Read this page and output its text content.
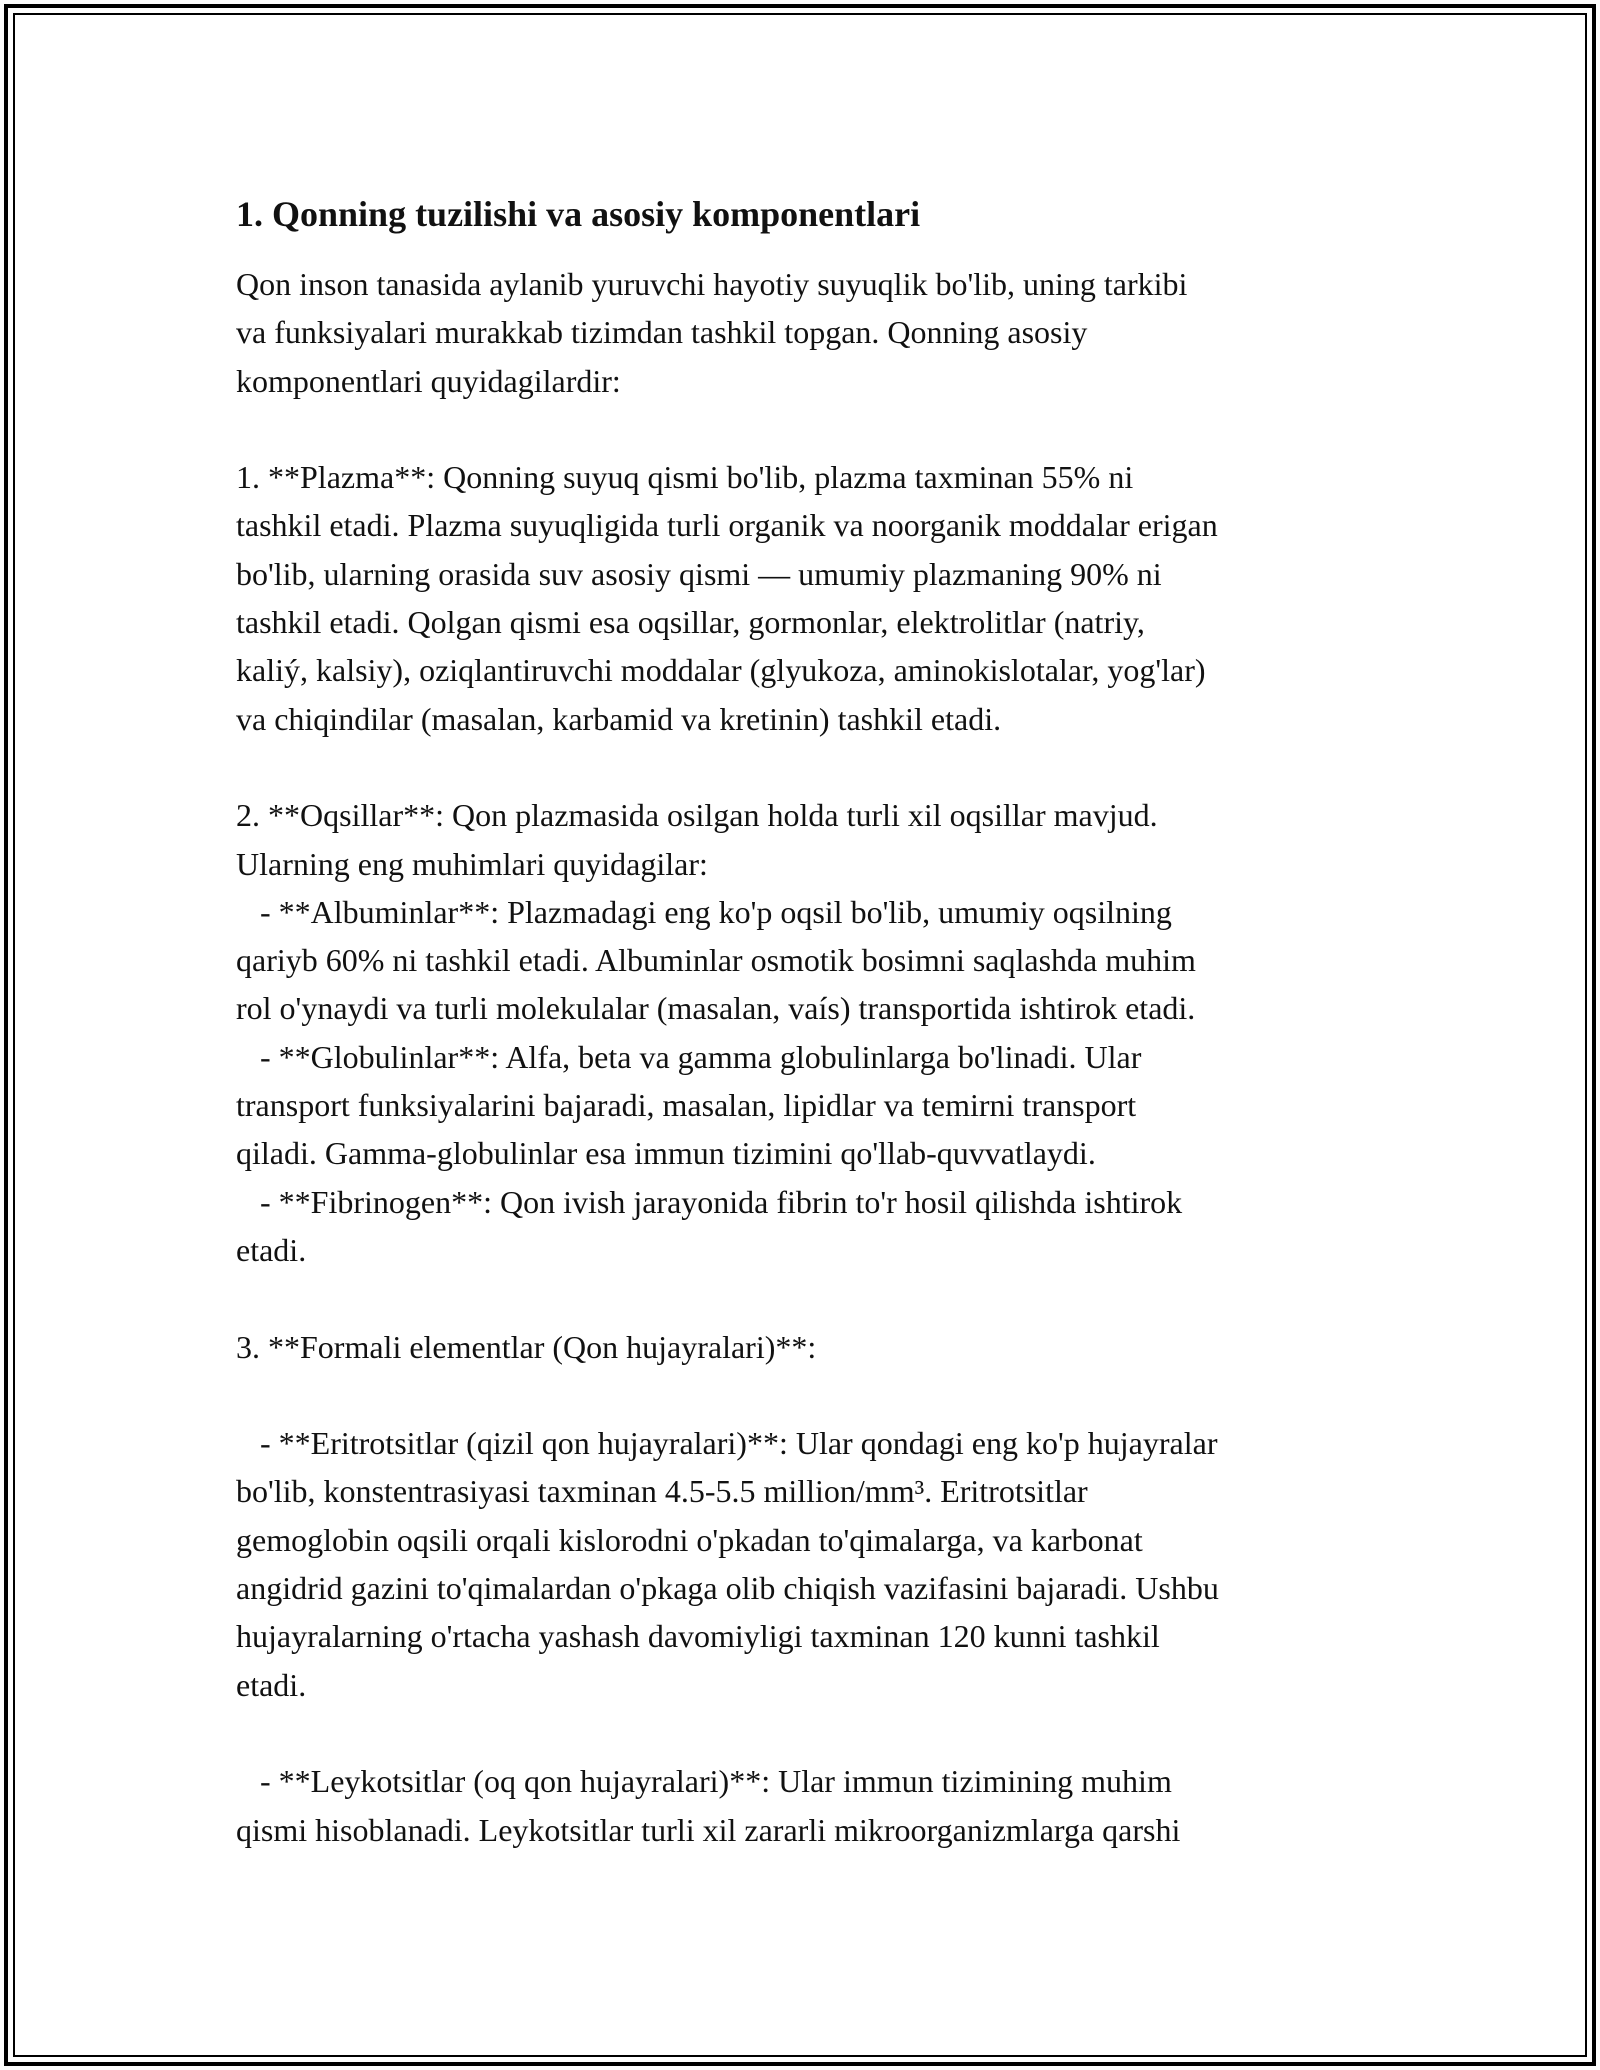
1. Qonning tuzilishi va asosiy komponentlari
Qon inson tanasida aylanib yuruvchi hayotiy suyuqlik bo'lib, uning tarkibi
va funksiyalari murakkab tizimdan tashkil topgan. Qonning asosiy
komponentlari quyidagilardir:
1. **Plazma**: Qonning suyuq qismi bo'lib, plazma taxminan 55% ni
tashkil etadi. Plazma suyuqligida turli organik va noorganik moddalar erigan
bo'lib, ularning orasida suv asosiy qismi — umumiy plazmaning 90% ni
tashkil etadi. Qolgan qismi esa oqsillar, gormonlar, elektrolitlar (natriy,
kaliý, kalsiy), oziqlantiruvchi moddalar (glyukoza, aminokislotalar, yog'lar)
va chiqindilar (masalan, karbamid va kretinin) tashkil etadi.
2. **Oqsillar**: Qon plazmasida osilgan holda turli xil oqsillar mavjud.
Ularning eng muhimlari quyidagilar:
- **Albuminlar**: Plazmadagi eng ko'p oqsil bo'lib, umumiy oqsilning
qariyb 60% ni tashkil etadi. Albuminlar osmotik bosimni saqlashda muhim
rol o'ynaydi va turli molekulalar (masalan, vaís) transportida ishtirok etadi.
- **Globulinlar**: Alfa, beta va gamma globulinlarga bo'linadi. Ular
transport funksiyalarini bajaradi, masalan, lipidlar va temirni transport
qiladi. Gamma-globulinlar esa immun tizimini qo'llab-quvvatlaydi.
- **Fibrinogen**: Qon ivish jarayonida fibrin to'r hosil qilishda ishtirok
etadi.
3. **Formali elementlar (Qon hujayralari)**:
- **Eritrotsitlar (qizil qon hujayralari)**: Ular qondagi eng ko'p hujayralar
bo'lib, konstentrasiyasi taxminan 4.5-5.5 million/mm³. Eritrotsitlar
gemoglobin oqsili orqali kislorodni o'pkadan to'qimalarga, va karbonat
angidrid gazini to'qimalardan o'pkaga olib chiqish vazifasini bajaradi. Ushbu
hujayralarning o'rtacha yashash davomiyligi taxminan 120 kunni tashkil
etadi.
- **Leykotsitlar (oq qon hujayralari)**: Ular immun tizimining muhim
qismi hisoblanadi. Leykotsitlar turli xil zararli mikroorganizmlarga qarshi
